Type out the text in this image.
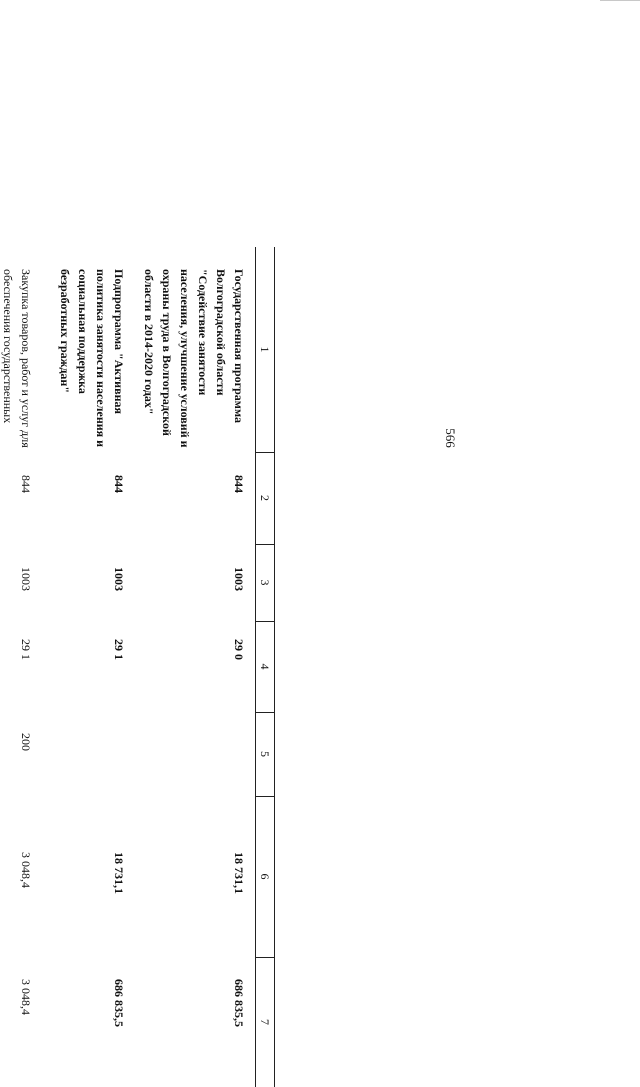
566
1
2
3
4
5
6
7
Государственная программа Волгоградской области "Содействие занятости населения, улучшение условий и охраны труда в Волгоградской области в 2014-2020 годах"
844
1003
29 0
18 731,1
686 835,5
Подпрограмма "Активная политика занятости населения и социальная поддержка безработных граждан"
844
1003
29 1
18 731,1
686 835,5
Закупка товаров, работ и услуг для обеспечения государственных
844
1003
29 1
200
3 048,4
3 048,4
